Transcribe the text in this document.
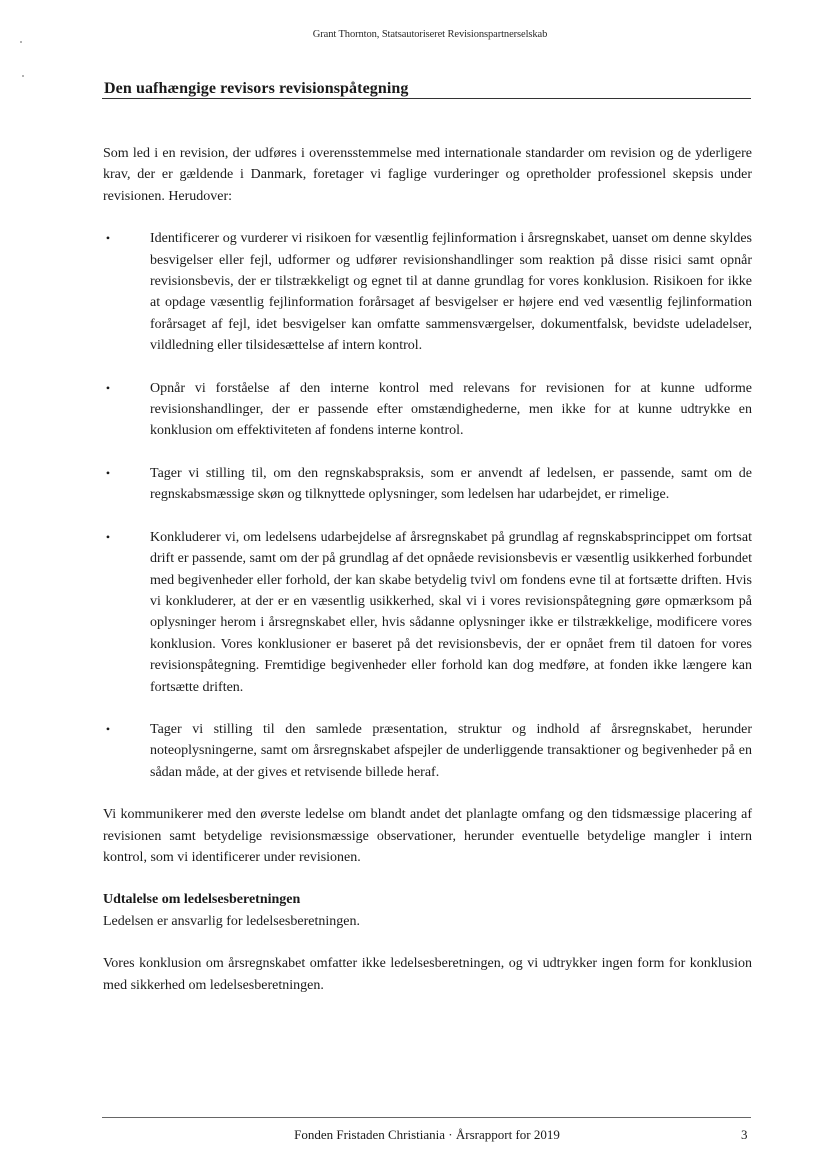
Grant Thornton, Statsautoriseret Revisionspartnerselskab
Den uafhængige revisors revisionspåtegning

Som led i en revision, der udføres i overensstemmelse med internationale standarder om revision og de yderligere krav, der er gældende i Danmark, foretager vi faglige vurderinger og opretholder professionel skepsis under revisionen. Herudover:

•	Identificerer og vurderer vi risikoen for væsentlig fejlinformation i årsregnskabet, uanset om denne skyldes besvigelser eller fejl, udformer og udfører revisionshandlinger som reaktion på disse risici samt opnår revisionsbevis, der er tilstrækkeligt og egnet til at danne grundlag for vores konklusion. Risikoen for ikke at opdage væsentlig fejlinformation forårsaget af besvigelser er højere end ved væsentlig fejlinformation forårsaget af fejl, idet besvigelser kan omfatte sammensværgelser, dokumentfalsk, bevidste udeladelser, vildledning eller tilsidesættelse af intern kontrol.
•	Opnår vi forståelse af den interne kontrol med relevans for revisionen for at kunne udforme revisionshandlinger, der er passende efter omstændighederne, men ikke for at kunne udtrykke en konklusion om effektiviteten af fondens interne kontrol.
•	Tager vi stilling til, om den regnskabspraksis, som er anvendt af ledelsen, er passende, samt om de regnskabsmæssige skøn og tilknyttede oplysninger, som ledelsen har udarbejdet, er rimelige.
•	Konkluderer vi, om ledelsens udarbejdelse af årsregnskabet på grundlag af regnskabsprincippet om fortsat drift er passende, samt om der på grundlag af det opnåede revisionsbevis er væsentlig usikkerhed forbundet med begivenheder eller forhold, der kan skabe betydelig tvivl om fondens evne til at fortsætte driften. Hvis vi konkluderer, at der er en væsentlig usikkerhed, skal vi i vores revisionspåtegning gøre opmærksom på oplysninger herom i årsregnskabet eller, hvis sådanne oplysninger ikke er tilstrækkelige, modificere vores konklusion. Vores konklusioner er baseret på det revisionsbevis, der er opnået frem til datoen for vores revisionspåtegning. Fremtidige begivenheder eller forhold kan dog medføre, at fonden ikke længere kan fortsætte driften.
•	Tager vi stilling til den samlede præsentation, struktur og indhold af årsregnskabet, herunder noteoplysningerne, samt om årsregnskabet afspejler de underliggende transaktioner og begivenheder på en sådan måde, at der gives et retvisende billede heraf.

Vi kommunikerer med den øverste ledelse om blandt andet det planlagte omfang og den tidsmæssige placering af revisionen samt betydelige revisionsmæssige observationer, herunder eventuelle betydelige mangler i intern kontrol, som vi identificerer under revisionen.

Udtalelse om ledelsesberetningen

Ledelsen er ansvarlig for ledelsesberetningen.

Vores konklusion om årsregnskabet omfatter ikke ledelsesberetningen, og vi udtrykker ingen form for konklusion med sikkerhed om ledelsesberetningen.

Fonden Fristaden Christiania · Årsrapport for 2019	3
